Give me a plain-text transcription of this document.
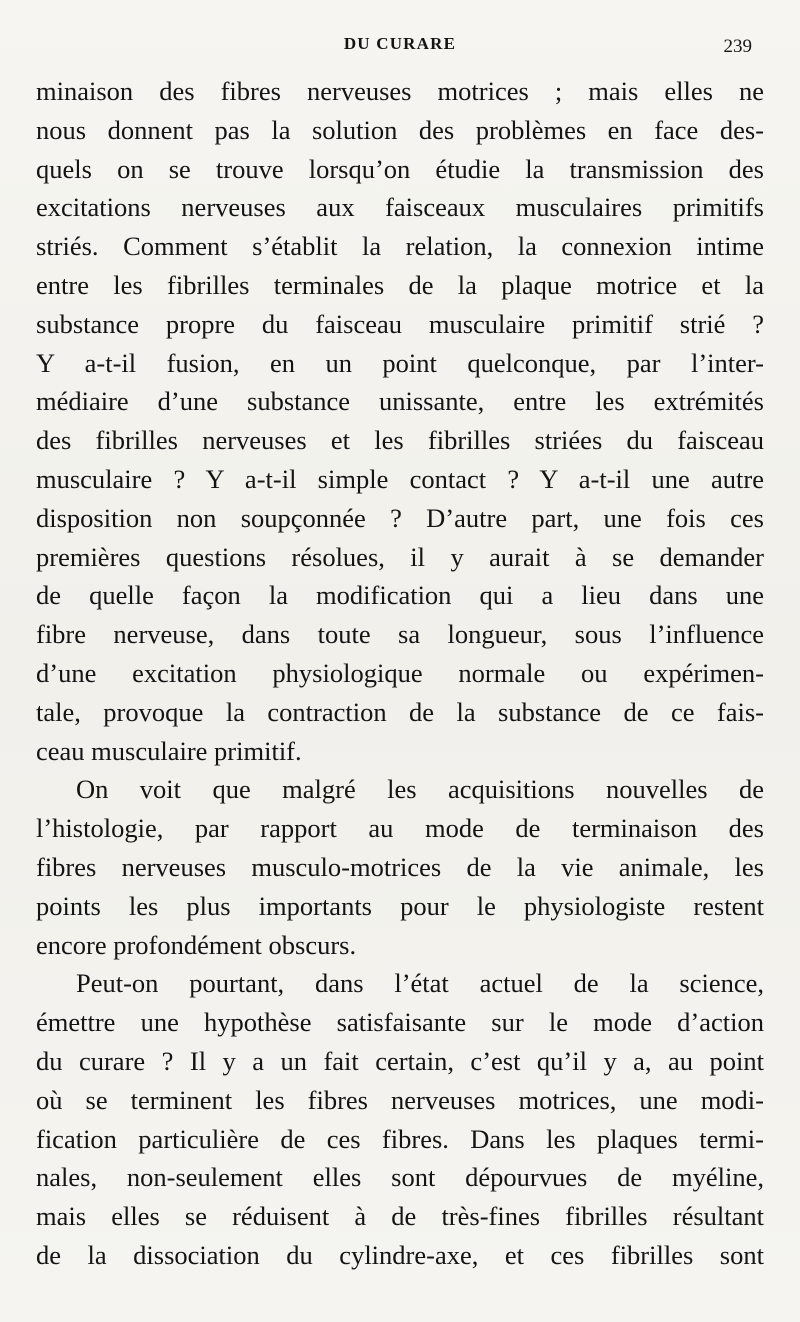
DU CURARE	239
minaison des fibres nerveuses motrices ; mais elles ne
nous donnent pas la solution des problèmes en face des-
quels on se trouve lorsqu’on étudie la transmission des
excitations nerveuses aux faisceaux musculaires primitifs
striés. Comment s’établit la relation, la connexion intime
entre les fibrilles terminales de la plaque motrice et la
substance propre du faisceau musculaire primitif strié ?
Y a-t-il fusion, en un point quelconque, par l’inter-
médiaire d’une substance unissante, entre les extrémités
des fibrilles nerveuses et les fibrilles striées du faisceau
musculaire ? Y a-t-il simple contact ? Y a-t-il une autre
disposition non soupçonnée ? D’autre part, une fois ces
premières questions résolues, il y aurait à se demander
de quelle façon la modification qui a lieu dans une
fibre nerveuse, dans toute sa longueur, sous l’influence
d’une excitation physiologique normale ou expérimen-
tale, provoque la contraction de la substance de ce fais-
ceau musculaire primitif.
On voit que malgré les acquisitions nouvelles de
l’histologie, par rapport au mode de terminaison des
fibres nerveuses musculo-motrices de la vie animale, les
points les plus importants pour le physiologiste restent
encore profondément obscurs.
Peut-on pourtant, dans l’état actuel de la science,
émettre une hypothèse satisfaisante sur le mode d’action
du curare ? Il y a un fait certain, c’est qu’il y a, au point
où se terminent les fibres nerveuses motrices, une modi-
fication particulière de ces fibres. Dans les plaques termi-
nales, non-seulement elles sont dépourvues de myéline,
mais elles se réduisent à de très-fines fibrilles résultant
de la dissociation du cylindre-axe, et ces fibrilles sont
